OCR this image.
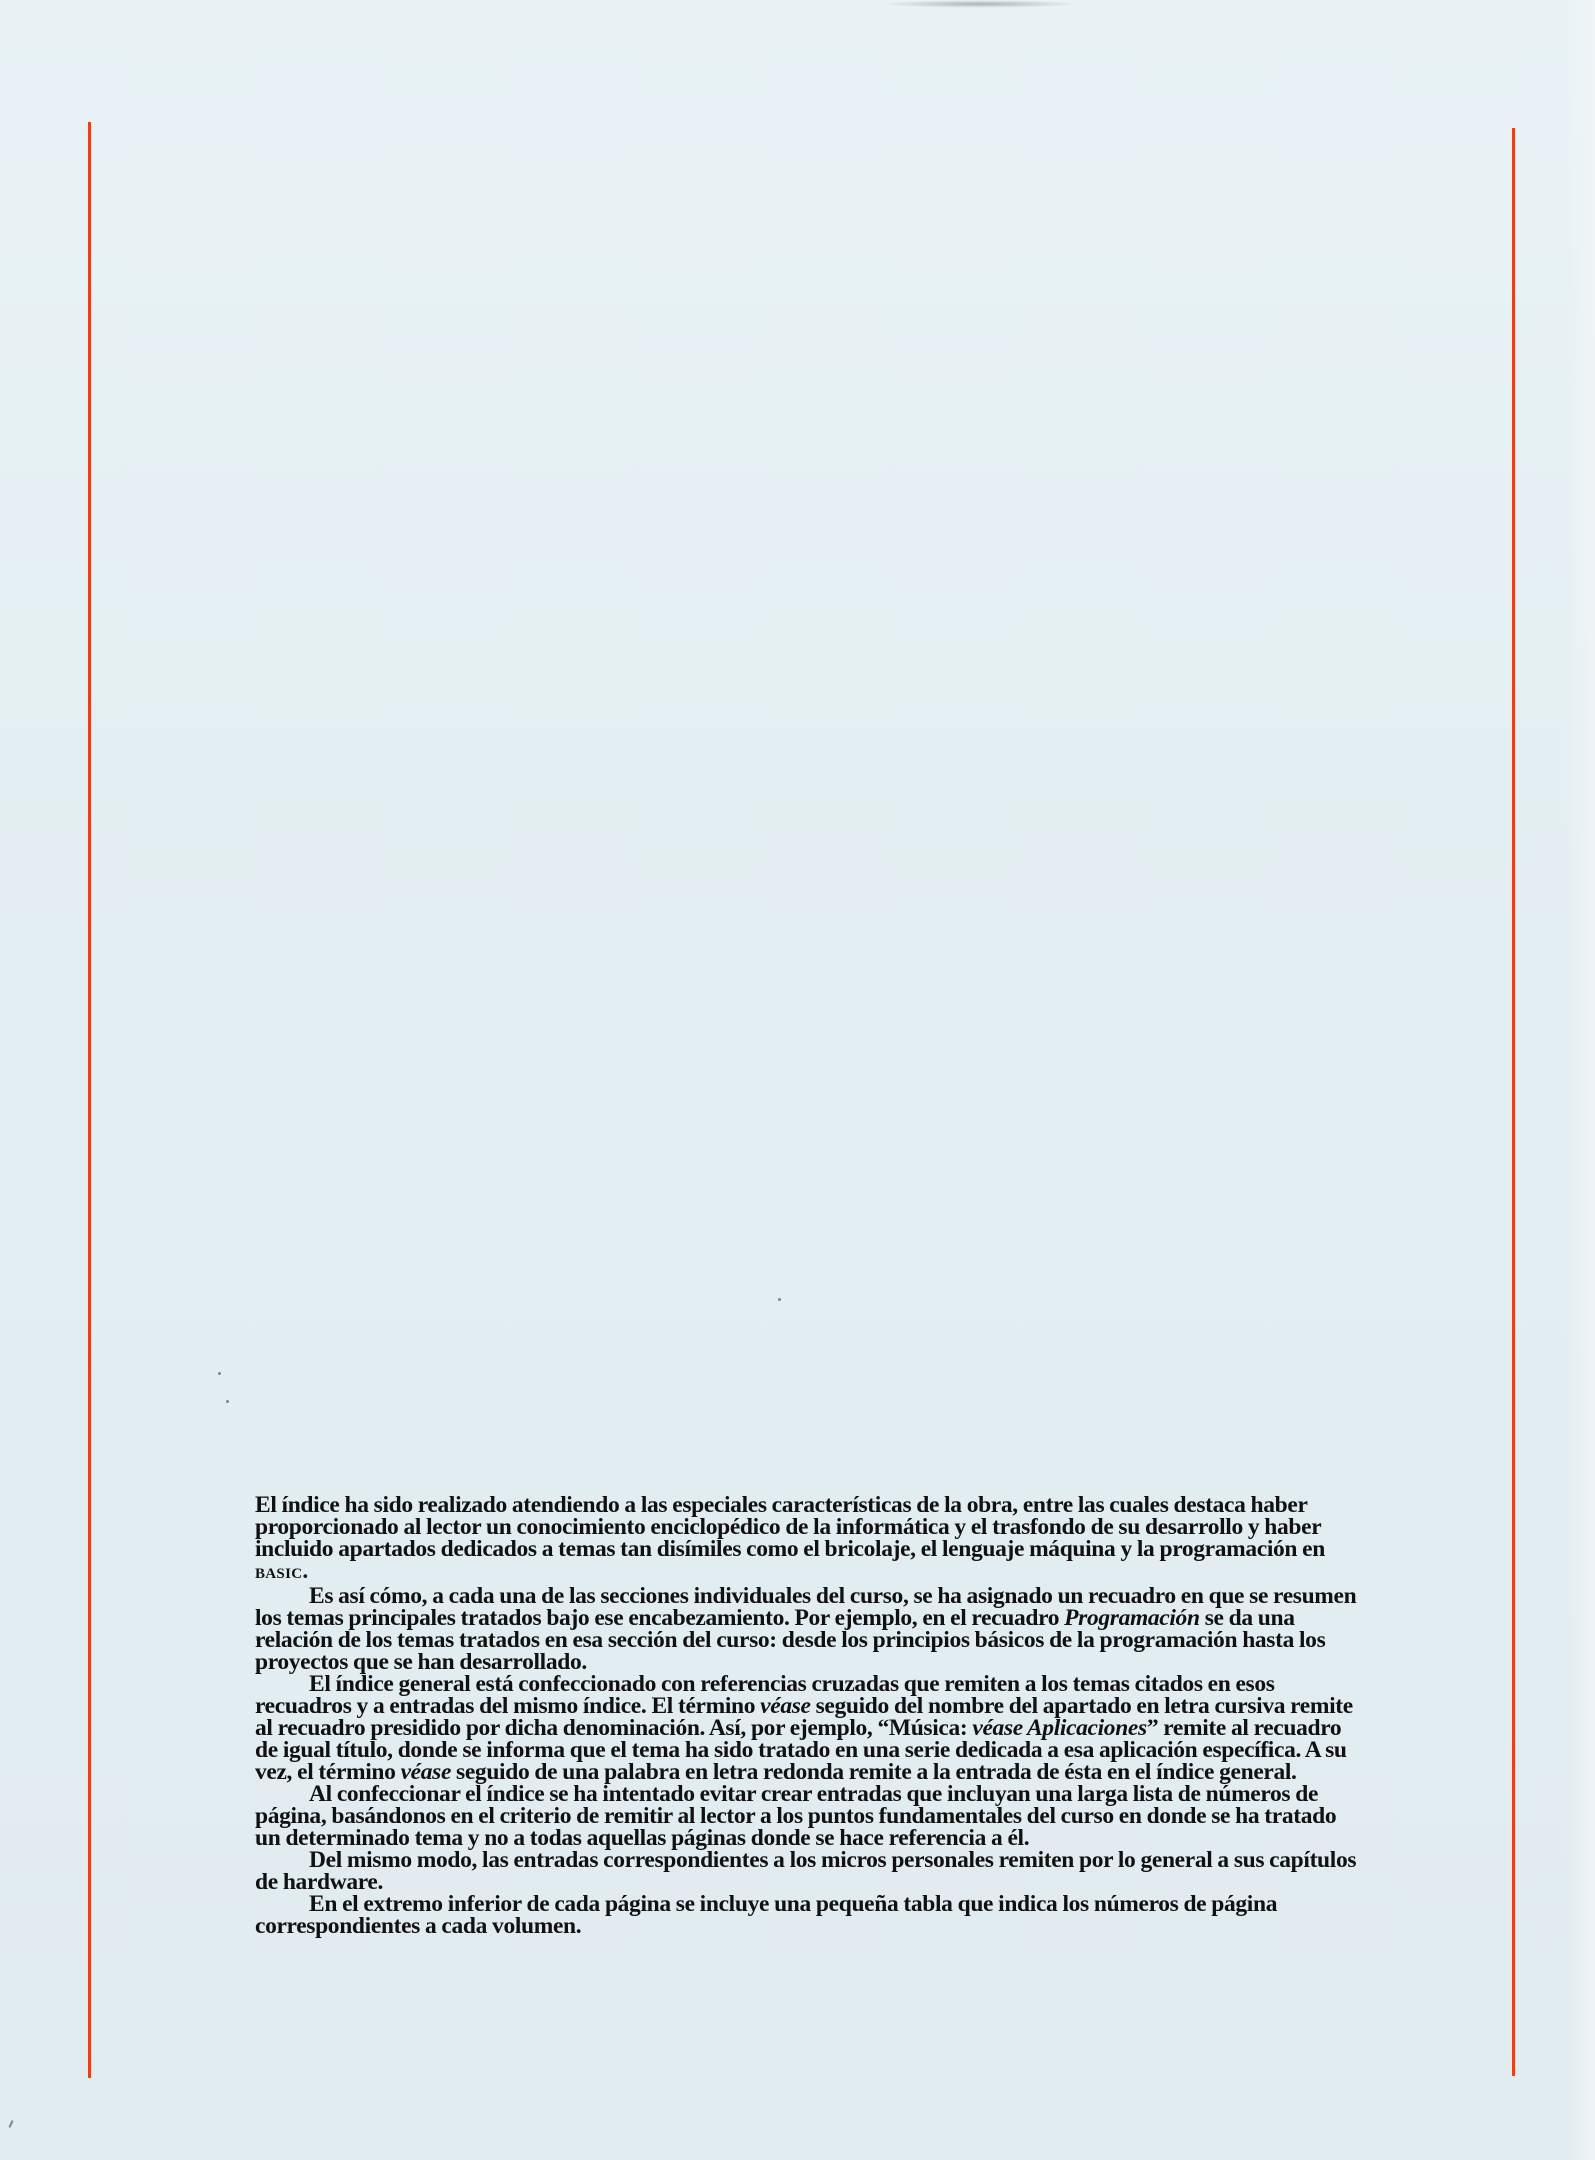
El índice ha sido realizado atendiendo a las especiales características de la obra, entre las cuales destaca haber proporcionado al lector un conocimiento enciclopédico de la informática y el trasfondo de su desarrollo y haber incluido apartados dedicados a temas tan disímiles como el bricolaje, el lenguaje máquina y la programación en BASIC.

Es así cómo, a cada una de las secciones individuales del curso, se ha asignado un recuadro en que se resumen los temas principales tratados bajo ese encabezamiento. Por ejemplo, en el recuadro Programación se da una relación de los temas tratados en esa sección del curso: desde los principios básicos de la programación hasta los proyectos que se han desarrollado.

El índice general está confeccionado con referencias cruzadas que remiten a los temas citados en esos recuadros y a entradas del mismo índice. El término véase seguido del nombre del apartado en letra cursiva remite al recuadro presidido por dicha denominación. Así, por ejemplo, “Música: véase Aplicaciones” remite al recuadro de igual título, donde se informa que el tema ha sido tratado en una serie dedicada a esa aplicación específica. A su vez, el término véase seguido de una palabra en letra redonda remite a la entrada de ésta en el índice general.

Al confeccionar el índice se ha intentado evitar crear entradas que incluyan una larga lista de números de página, basándonos en el criterio de remitir al lector a los puntos fundamentales del curso en donde se ha tratado un determinado tema y no a todas aquellas páginas donde se hace referencia a él.

Del mismo modo, las entradas correspondientes a los micros personales remiten por lo general a sus capítulos de hardware.

En el extremo inferior de cada página se incluye una pequeña tabla que indica los números de página correspondientes a cada volumen.
